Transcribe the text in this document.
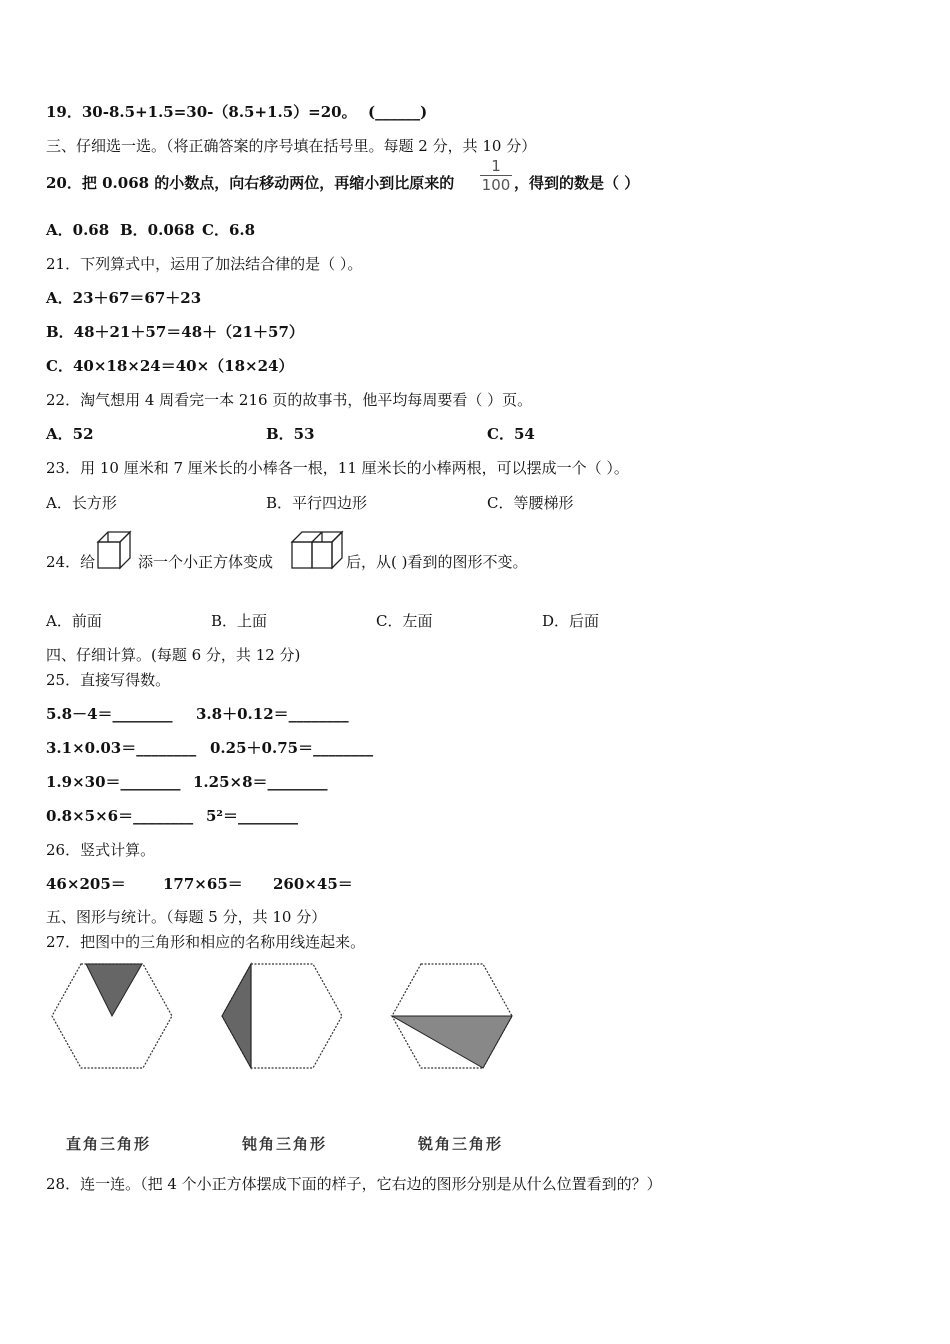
19．30-8.5+1.5=30-（8.5+1.5）=20。 (______)
三、仔细选一选。（将正确答案的序号填在括号里。每题 2 分，共 10 分）
20．把 0.068 的小数点，向右移动两位，再缩小到比原来的
1
100 ，得到的数是（ ）
A．0.68 B．0.068 C．6.8
21．下列算式中，运用了加法结合律的是（ ）。
A．23＋67＝67＋23
B．48＋21＋57＝48＋（21＋57）
C．40×18×24＝40×（18×24）
22．淘气想用 4 周看完一本 216 页的故事书，他平均每周要看（ ）页。
A．52	B．53	C．54
23．用 10 厘米和 7 厘米长的小棒各一根，11 厘米长的小棒两根，可以摆成一个（ ）。
A．长方形	B．平行四边形	C．等腰梯形
24．给	添一个小正方体变成	后，从( )看到的图形不变。
A．前面	B．上面	C．左面	D．后面
四、仔细计算。(每题 6 分，共 12 分)
25．直接写得数。
5.8－4＝________ 3.8＋0.12＝________
3.1×0.03＝________ 0.25＋0.75＝________
1.9×30＝________ 1.25×8＝________
0.8×5×6＝________ 5²＝________
26．竖式计算。
46×205＝ 177×65＝ 260×45＝
五、图形与统计。（每题 5 分，共 10 分）
27．把图中的三角形和相应的名称用线连起来。
直角三角形	钝角三角形	锐角三角形
28．连一连。（把 4 个小正方体摆成下面的样子，它右边的图形分别是从什么位置看到的？）
